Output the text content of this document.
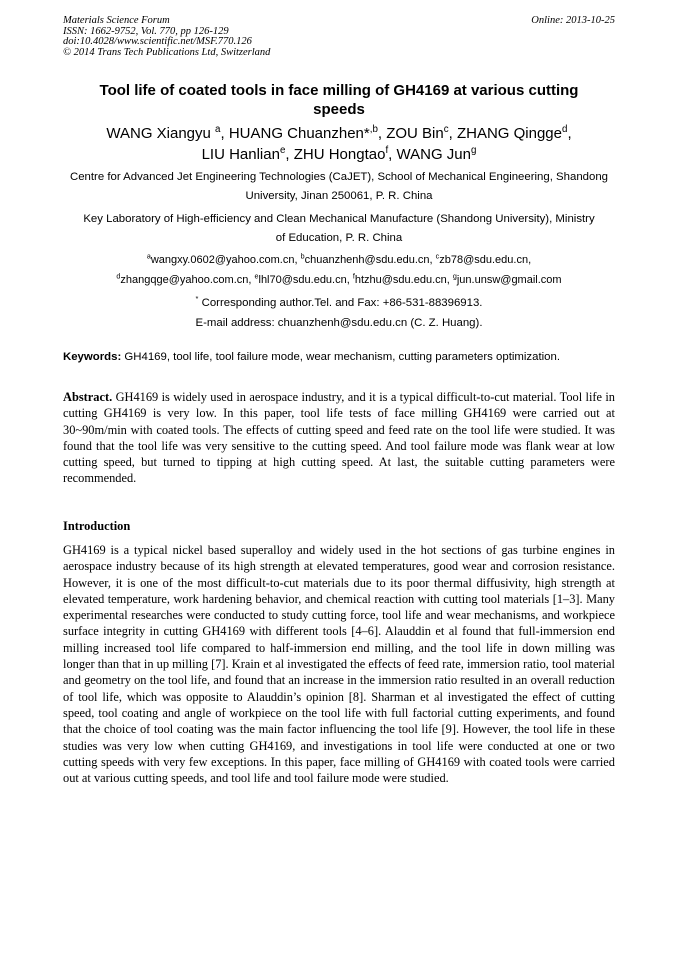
Materials Science Forum
ISSN: 1662-9752, Vol. 770, pp 126-129
doi:10.4028/www.scientific.net/MSF.770.126
© 2014 Trans Tech Publications Ltd, Switzerland
Online: 2013-10-25
Tool life of coated tools in face milling of GH4169 at various cutting speeds
WANG Xiangyu $^a$, HUANG Chuanzhen*$^{,b}$, ZOU Bin$^c$, ZHANG Qingge$^d$,
LIU Hanlian$^e$, ZHU Hongtao$^f$, WANG Jun$^g$
Centre for Advanced Jet Engineering Technologies (CaJET), School of Mechanical Engineering, Shandong University, Jinan 250061, P. R. China
Key Laboratory of High-efficiency and Clean Mechanical Manufacture (Shandong University), Ministry of Education, P. R. China
$^a$wangxy.0602@yahoo.com.cn, $^b$chuanzhenh@sdu.edu.cn, $^c$zb78@sdu.edu.cn,
$^d$zhangqge@yahoo.com.cn, $^e$lhl70@sdu.edu.cn, $^f$htzhu@sdu.edu.cn, $^g$jun.unsw@gmail.com
* Corresponding author.Tel. and Fax: +86-531-88396913.
E-mail address: chuanzhenh@sdu.edu.cn (C. Z. Huang).
Keywords: GH4169, tool life, tool failure mode, wear mechanism, cutting parameters optimization.
Abstract. GH4169 is widely used in aerospace industry, and it is a typical difficult-to-cut material. Tool life in cutting GH4169 is very low. In this paper, tool life tests of face milling GH4169 were carried out at 30~90m/min with coated tools. The effects of cutting speed and feed rate on the tool life were studied. It was found that the tool life was very sensitive to the cutting speed. And tool failure mode was flank wear at low cutting speed, but turned to tipping at high cutting speed. At last, the suitable cutting parameters were recommended.
Introduction
GH4169 is a typical nickel based superalloy and widely used in the hot sections of gas turbine engines in aerospace industry because of its high strength at elevated temperatures, good wear and corrosion resistance. However, it is one of the most difficult-to-cut materials due to its poor thermal diffusivity, high strength at elevated temperature, work hardening behavior, and chemical reaction with cutting tool materials [1–3]. Many experimental researches were conducted to study cutting force, tool life and wear mechanisms, and workpiece surface integrity in cutting GH4169 with different tools [4–6]. Alauddin et al found that full-immersion end milling increased tool life compared to half-immersion end milling, and the tool life in down milling was longer than that in up milling [7]. Krain et al investigated the effects of feed rate, immersion ratio, tool material and geometry on the tool life, and found that an increase in the immersion ratio resulted in an overall reduction of tool life, which was opposite to Alauddin’s opinion [8]. Sharman et al investigated the effect of cutting speed, tool coating and angle of workpiece on the tool life with full factorial cutting experiments, and found that the choice of tool coating was the main factor influencing the tool life [9]. However, the tool life in these studies was very low when cutting GH4169, and investigations in tool life were conducted at one or two cutting speeds with very few exceptions. In this paper, face milling of GH4169 with coated tools were carried out at various cutting speeds, and tool life and tool failure mode were studied.
